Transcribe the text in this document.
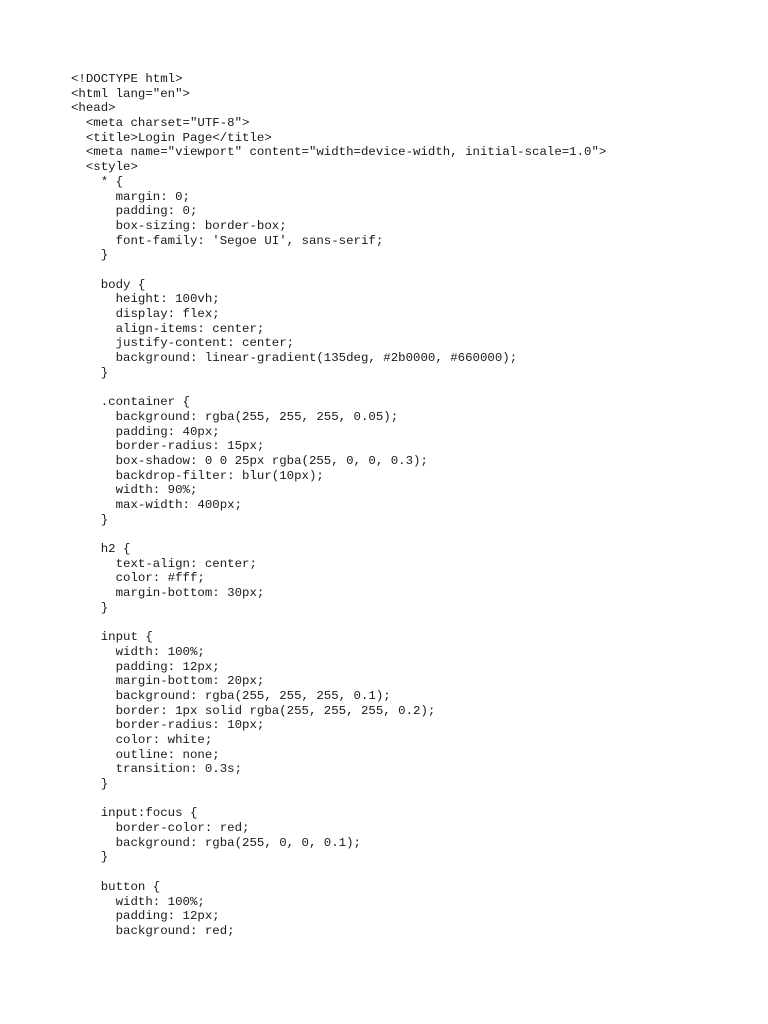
<!DOCTYPE html>
<html lang="en">
<head>
<meta charset="UTF-8">
<title>Login Page</title>
<meta name="viewport" content="width=device-width, initial-scale=1.0">
<style>
* {
margin: 0;
padding: 0;
box-sizing: border-box;
font-family: 'Segoe UI', sans-serif;
}
body {
height: 100vh;
display: flex;
align-items: center;
justify-content: center;
background: linear-gradient(135deg, #2b0000, #660000);
}
.container {
background: rgba(255, 255, 255, 0.05);
padding: 40px;
border-radius: 15px;
box-shadow: 0 0 25px rgba(255, 0, 0, 0.3);
backdrop-filter: blur(10px);
width: 90%;
max-width: 400px;
}
h2 {
text-align: center;
color: #fff;
margin-bottom: 30px;
}
input {
width: 100%;
padding: 12px;
margin-bottom: 20px;
background: rgba(255, 255, 255, 0.1);
border: 1px solid rgba(255, 255, 255, 0.2);
border-radius: 10px;
color: white;
outline: none;
transition: 0.3s;
}
input:focus {
border-color: red;
background: rgba(255, 0, 0, 0.1);
}
button {
width: 100%;
padding: 12px;
background: red;
